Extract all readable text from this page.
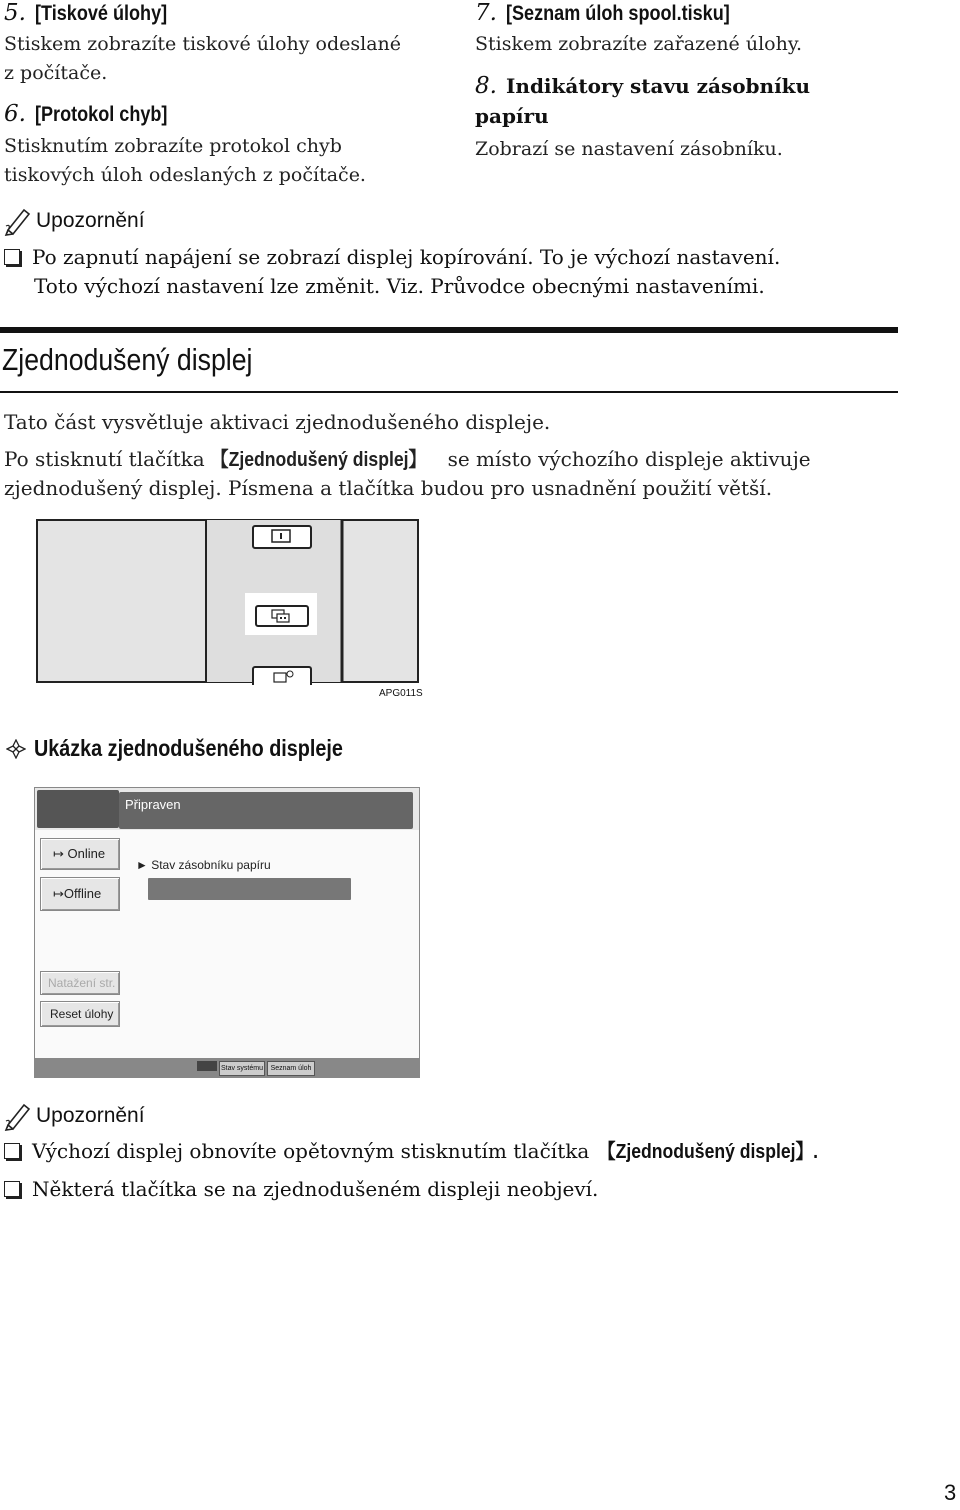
5. [Tiskové úlohy]
Stiskem zobrazíte tiskové úlohy odeslané
z počítače.
6. [Protokol chyb]
Stisknutím zobrazíte protokol chyb
tiskových úloh odeslaných z počítače.
7. [Seznam úloh spool.tisku]
Stiskem zobrazíte zařazené úlohy.
8. Indikátory stavu zásobníku
papíru
Zobrazí se nastavení zásobníku.
Upozornění
Po zapnutí napájení se zobrazí displej kopírování. To je výchozí nastavení.
Toto výchozí nastavení lze změnit. Viz. Průvodce obecnými nastaveními.
Zjednodušený displej
Tato část vysvětluje aktivaci zjednodušeného displeje.
Po stisknutí tlačítka 【Zjednodušený displej】 se místo výchozího displeje aktivuje
zjednodušený displej. Písmena a tlačítka budou pro usnadnění použití větší.
APG011S
Ukázka zjednodušeného displeje
Připraven
↦ Online
↦Offline
Natažení str.
Reset úlohy
► Stav zásobníku papíru
Stav systému	Seznam úloh
Upozornění
Výchozí displej obnovíte opětovným stisknutím tlačítka 【Zjednodušený displej】.
Některá tlačítka se na zjednodušeném displeji neobjeví.
3
